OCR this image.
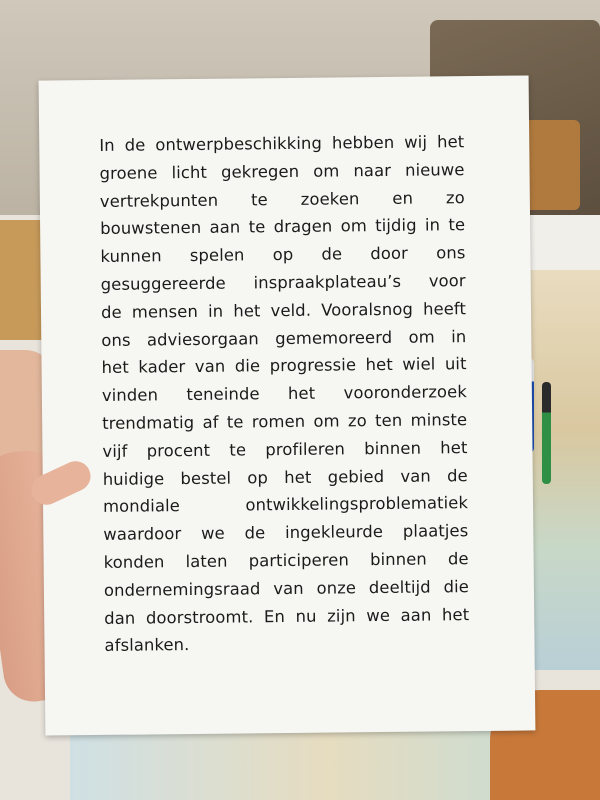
In de ontwerpbeschikking hebben wij het
groene licht gekregen om naar nieuwe
vertrekpunten te zoeken en zo
bouwstenen aan te dragen om tijdig in te
kunnen spelen op de door ons
gesuggereerde inspraakplateau’s voor
de mensen in het veld. Vooralsnog heeft
ons adviesorgaan gememoreerd om in
het kader van die progressie het wiel uit
vinden teneinde het vooronderzoek
trendmatig af te romen om zo ten minste
vijf procent te profileren binnen het
huidige bestel op het gebied van de
mondiale ontwikkelingsproblematiek
waardoor we de ingekleurde plaatjes
konden laten participeren binnen de
ondernemingsraad van onze deeltijd die
dan doorstroomt. En nu zijn we aan het
afslanken.
